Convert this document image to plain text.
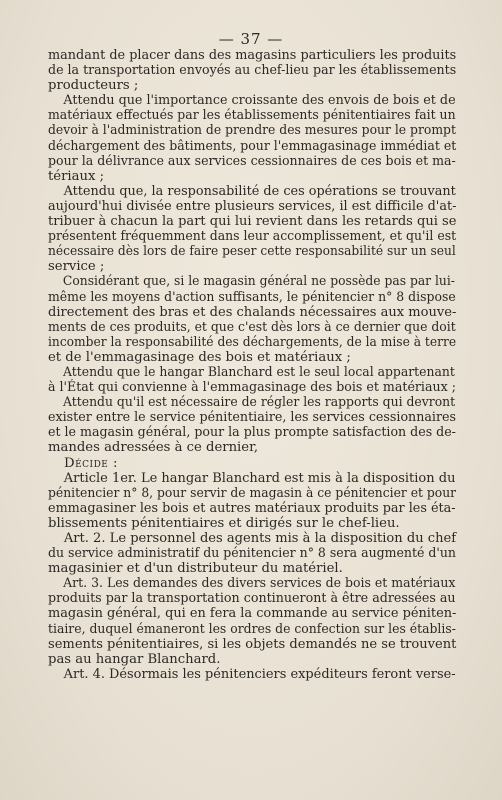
— 37 —
mandant de placer dans des magasins particuliers les produits
de la transportation envoyés au chef-lieu par les établissements
producteurs ;
Attendu que l'importance croissante des envois de bois et de
matériaux effectués par les établissements pénitentiaires fait un
devoir à l'administration de prendre des mesures pour le prompt
déchargement des bâtiments, pour l'emmagasinage immédiat et
pour la délivrance aux services cessionnaires de ces bois et ma-
tériaux ;
Attendu que, la responsabilité de ces opérations se trouvant
aujourd'hui divisée entre plusieurs services, il est difficile d'at-
tribuer à chacun la part qui lui revient dans les retards qui se
présentent fréquemment dans leur accomplissement, et qu'il est
nécessaire dès lors de faire peser cette responsabilité sur un seul
service ;
Considérant que, si le magasin général ne possède pas par lui-
même les moyens d'action suffisants, le pénitencier n° 8 dispose
directement des bras et des chalands nécessaires aux mouve-
ments de ces produits, et que c'est dès lors à ce dernier que doit
incomber la responsabilité des déchargements, de la mise à terre
et de l'emmagasinage des bois et matériaux ;
Attendu que le hangar Blanchard est le seul local appartenant
à l'État qui convienne à l'emmagasinage des bois et matériaux ;
Attendu qu'il est nécessaire de régler les rapports qui devront
exister entre le service pénitentiaire, les services cessionnaires
et le magasin général, pour la plus prompte satisfaction des de-
mandes adressées à ce dernier,
Décide :
Article 1er. Le hangar Blanchard est mis à la disposition du
pénitencier n° 8, pour servir de magasin à ce pénitencier et pour
emmagasiner les bois et autres matériaux produits par les éta-
blissements pénitentiaires et dirigés sur le chef-lieu.
Art. 2. Le personnel des agents mis à la disposition du chef
du service administratif du pénitencier n° 8 sera augmenté d'un
magasinier et d'un distributeur du matériel.
Art. 3. Les demandes des divers services de bois et matériaux
produits par la transportation continueront à être adressées au
magasin général, qui en fera la commande au service péniten-
tiaire, duquel émaneront les ordres de confection sur les établis-
sements pénitentiaires, si les objets demandés ne se trouvent
pas au hangar Blanchard.
Art. 4. Désormais les pénitenciers expéditeurs feront verse-
